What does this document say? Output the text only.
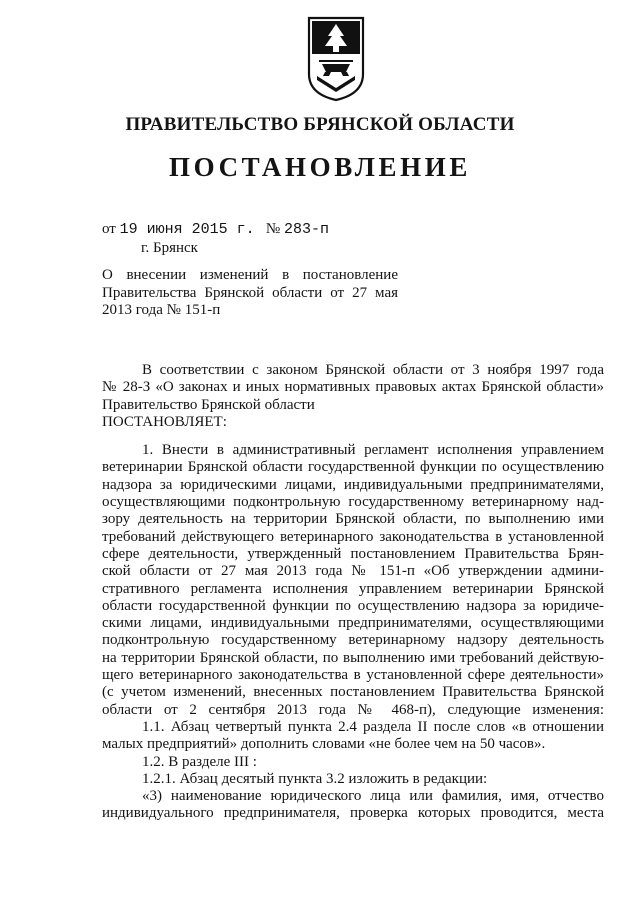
ПРАВИТЕЛЬСТВО БРЯНСКОЙ ОБЛАСТИ
ПОСТАНОВЛЕНИЕ
от 19 июня 2015 г. № 283-п
г. Брянск
О внесении изменений в постановление
Правительства Брянской области от 27 мая
2013 года № 151-п
В соответствии с законом Брянской области от 3 ноября 1997 года
№ 28-З «О законах и иных нормативных правовых актах Брянской области»
Правительство Брянской области
ПОСТАНОВЛЯЕТ:
1. Внести в административный регламент исполнения управлением
ветеринарии Брянской области государственной функции по осуществлению
надзора за юридическими лицами, индивидуальными предпринимателями,
осуществляющими подконтрольную государственному ветеринарному над-
зору деятельность на территории Брянской области, по выполнению ими
требований действующего ветеринарного законодательства в установленной
сфере деятельности, утвержденный постановлением Правительства Брян-
ской области от 27 мая 2013 года № 151-п «Об утверждении админи-
стративного регламента исполнения управлением ветеринарии Брянской
области государственной функции по осуществлению надзора за юридиче-
скими лицами, индивидуальными предпринимателями, осуществляющими
подконтрольную государственному ветеринарному надзору деятельность
на территории Брянской области, по выполнению ими требований действую-
щего ветеринарного законодательства в установленной сфере деятельности»
(с учетом изменений, внесенных постановлением Правительства Брянской
области от 2 сентября 2013 года № 468-п), следующие изменения:
1.1. Абзац четвертый пункта 2.4 раздела II после слов «в отношении
малых предприятий» дополнить словами «не более чем на 50 часов».
1.2. В разделе III :
1.2.1. Абзац десятый пункта 3.2 изложить в редакции:
«3) наименование юридического лица или фамилия, имя, отчество
индивидуального предпринимателя, проверка которых проводится, места
